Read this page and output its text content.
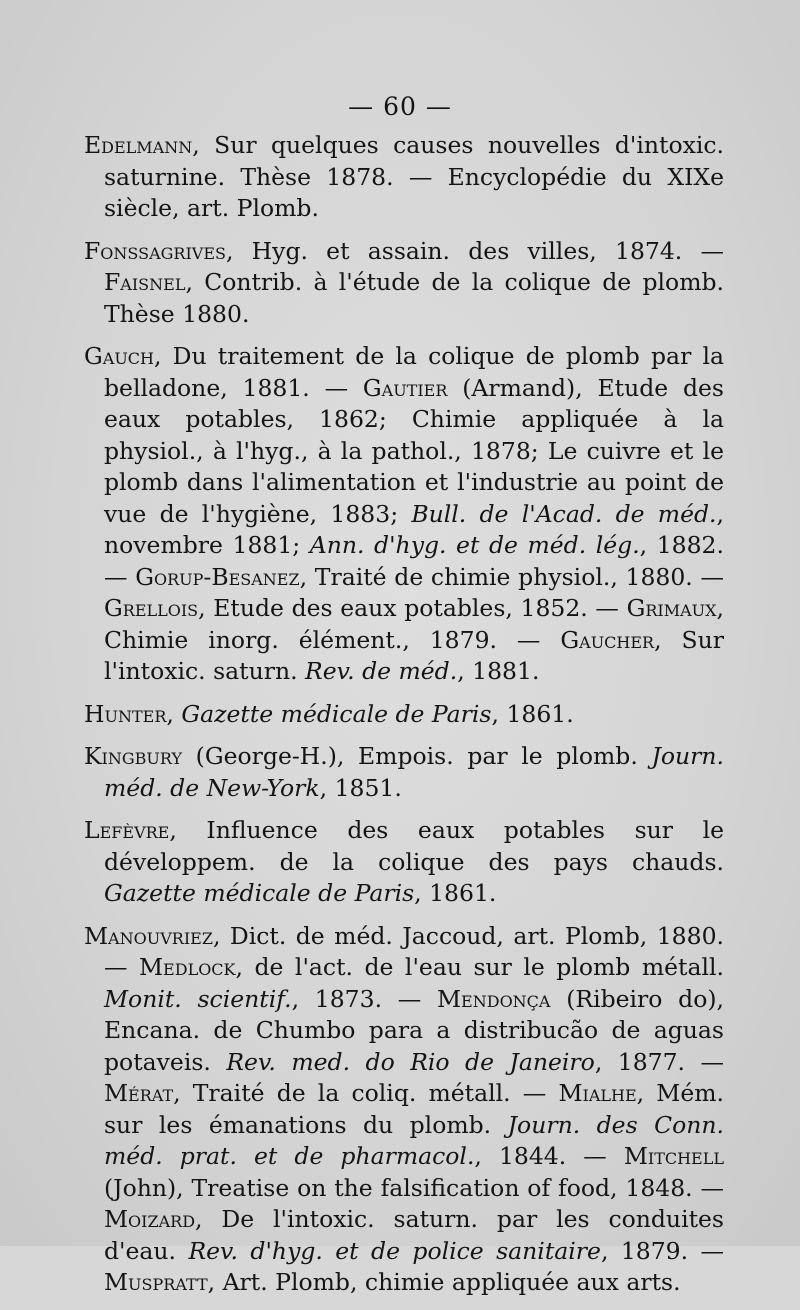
— 60 —

Edelmann, Sur quelques causes nouvelles d'intoxic. saturnine. Thèse 1878. — Encyclopédie du XIXe siècle, art. Plomb.

Fonssagrives, Hyg. et assain. des villes, 1874. — Faisnel, Contrib. à l'étude de la colique de plomb. Thèse 1880.

Gauch, Du traitement de la colique de plomb par la belladone, 1881. — Gautier (Armand), Etude des eaux potables, 1862; Chimie appliquée à la physiol., à l'hyg., à la pathol., 1878; Le cuivre et le plomb dans l'alimentation et l'industrie au point de vue de l'hygiène, 1883; Bull. de l'Acad. de méd., novembre 1881; Ann. d'hyg. et de méd. lég., 1882. — Gorup-Besanez, Traité de chimie physiol., 1880. — Grellois, Etude des eaux potables, 1852. — Grimaux, Chimie inorg. élément., 1879. — Gaucher, Sur l'intoxic. saturn. Rev. de méd., 1881.

Hunter, Gazette médicale de Paris, 1861.

Kingbury (George-H.), Empois. par le plomb. Journ. méd. de New-York, 1851.

Lefèvre, Influence des eaux potables sur le développem. de la colique des pays chauds. Gazette médicale de Paris, 1861.

Manouvriez, Dict. de méd. Jaccoud, art. Plomb, 1880. — Medlock, de l'act. de l'eau sur le plomb métall. Monit. scientif., 1873. — Mendonça (Ribeiro do), Encana. de Chumbo para a distribucão de aguas potaveis. Rev. med. do Rio de Janeiro, 1877. — Mérat, Traité de la coliq. métall. — Mialhe, Mém. sur les émanations du plomb. Journ. des Conn. méd. prat. et de pharmacol., 1844. — Mitchell (John), Treatise on the falsification of food, 1848. — Moizard, De l'intoxic. saturn. par les conduites d'eau. Rev. d'hyg. et de police sanitaire, 1879. — Muspratt, Art. Plomb, chimie appliquée aux arts.
